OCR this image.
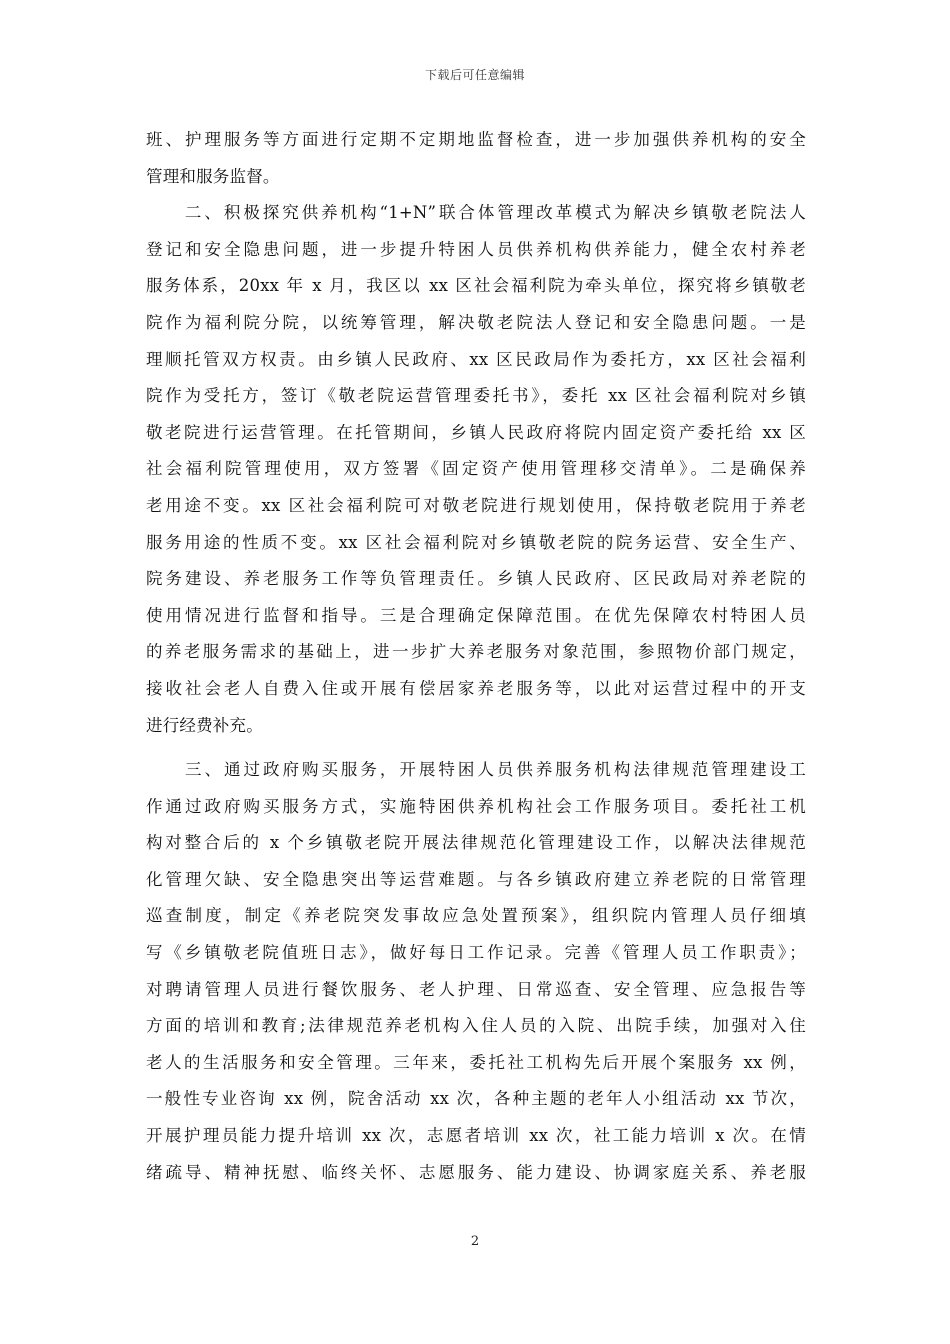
下载后可任意编辑
班、护理服务等方面进行定期不定期地监督检查，进一步加强供养机构的安全
管理和服务监督。
　　二、积极探究供养机构“1+N”联合体管理改革模式为解决乡镇敬老院法人
登记和安全隐患问题，进一步提升特困人员供养机构供养能力，健全农村养老
服务体系，20xx 年 x 月，我区以 xx 区社会福利院为牵头单位，探究将乡镇敬老
院作为福利院分院，以统筹管理，解决敬老院法人登记和安全隐患问题。一是
理顺托管双方权责。由乡镇人民政府、xx 区民政局作为委托方，xx 区社会福利
院作为受托方，签订《敬老院运营管理委托书》，委托 xx 区社会福利院对乡镇
敬老院进行运营管理。在托管期间，乡镇人民政府将院内固定资产委托给 xx 区
社会福利院管理使用，双方签署《固定资产使用管理移交清单》。二是确保养
老用途不变。xx 区社会福利院可对敬老院进行规划使用，保持敬老院用于养老
服务用途的性质不变。xx 区社会福利院对乡镇敬老院的院务运营、安全生产、
院务建设、养老服务工作等负管理责任。乡镇人民政府、区民政局对养老院的
使用情况进行监督和指导。三是合理确定保障范围。在优先保障农村特困人员
的养老服务需求的基础上，进一步扩大养老服务对象范围，参照物价部门规定，
接收社会老人自费入住或开展有偿居家养老服务等，以此对运营过程中的开支
进行经费补充。
　　三、通过政府购买服务，开展特困人员供养服务机构法律规范管理建设工
作通过政府购买服务方式，实施特困供养机构社会工作服务项目。委托社工机
构对整合后的 x 个乡镇敬老院开展法律规范化管理建设工作，以解决法律规范
化管理欠缺、安全隐患突出等运营难题。与各乡镇政府建立养老院的日常管理
巡查制度，制定《养老院突发事故应急处置预案》，组织院内管理人员仔细填
写《乡镇敬老院值班日志》，做好每日工作记录。完善《管理人员工作职责》；
对聘请管理人员进行餐饮服务、老人护理、日常巡查、安全管理、应急报告等
方面的培训和教育;法律规范养老机构入住人员的入院、出院手续，加强对入住
老人的生活服务和安全管理。三年来，委托社工机构先后开展个案服务 xx 例，
一般性专业咨询 xx 例，院舍活动 xx 次，各种主题的老年人小组活动 xx 节次，
开展护理员能力提升培训 xx 次，志愿者培训 xx 次，社工能力培训 x 次。在情
绪疏导、精神抚慰、临终关怀、志愿服务、能力建设、协调家庭关系、养老服
2
